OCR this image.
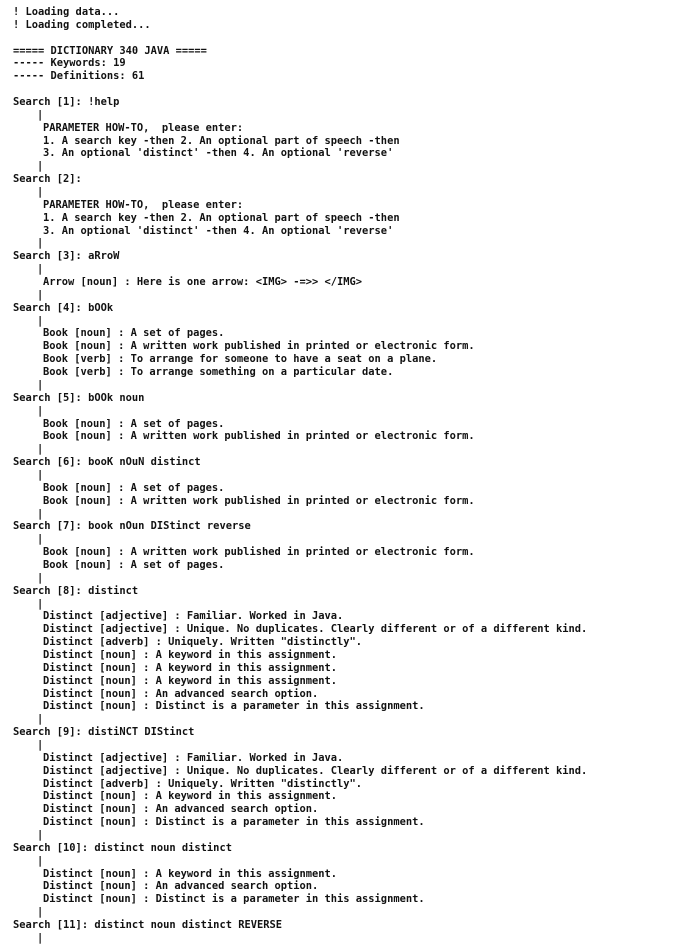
! Loading data...
! Loading completed...
===== DICTIONARY 340 JAVA =====
----- Keywords: 19
----- Definitions: 61
Search [1]: !help
|
PARAMETER HOW-TO,  please enter:
1. A search key -then 2. An optional part of speech -then
3. An optional 'distinct' -then 4. An optional 'reverse'
|
Search [2]:
|
PARAMETER HOW-TO,  please enter:
1. A search key -then 2. An optional part of speech -then
3. An optional 'distinct' -then 4. An optional 'reverse'
|
Search [3]: aRroW
|
Arrow [noun] : Here is one arrow: <IMG> -=>> </IMG>
|
Search [4]: bOOk
|
Book [noun] : A set of pages.
Book [noun] : A written work published in printed or electronic form.
Book [verb] : To arrange for someone to have a seat on a plane.
Book [verb] : To arrange something on a particular date.
|
Search [5]: bOOk noun
|
Book [noun] : A set of pages.
Book [noun] : A written work published in printed or electronic form.
|
Search [6]: booK nOuN distinct
|
Book [noun] : A set of pages.
Book [noun] : A written work published in printed or electronic form.
|
Search [7]: book nOun DIStinct reverse
|
Book [noun] : A written work published in printed or electronic form.
Book [noun] : A set of pages.
|
Search [8]: distinct
|
Distinct [adjective] : Familiar. Worked in Java.
Distinct [adjective] : Unique. No duplicates. Clearly different or of a different kind.
Distinct [adverb] : Uniquely. Written "distinctly".
Distinct [noun] : A keyword in this assignment.
Distinct [noun] : A keyword in this assignment.
Distinct [noun] : A keyword in this assignment.
Distinct [noun] : An advanced search option.
Distinct [noun] : Distinct is a parameter in this assignment.
|
Search [9]: distiNCT DIStinct
|
Distinct [adjective] : Familiar. Worked in Java.
Distinct [adjective] : Unique. No duplicates. Clearly different or of a different kind.
Distinct [adverb] : Uniquely. Written "distinctly".
Distinct [noun] : A keyword in this assignment.
Distinct [noun] : An advanced search option.
Distinct [noun] : Distinct is a parameter in this assignment.
|
Search [10]: distinct noun distinct
|
Distinct [noun] : A keyword in this assignment.
Distinct [noun] : An advanced search option.
Distinct [noun] : Distinct is a parameter in this assignment.
|
Search [11]: distinct noun distinct REVERSE
|
